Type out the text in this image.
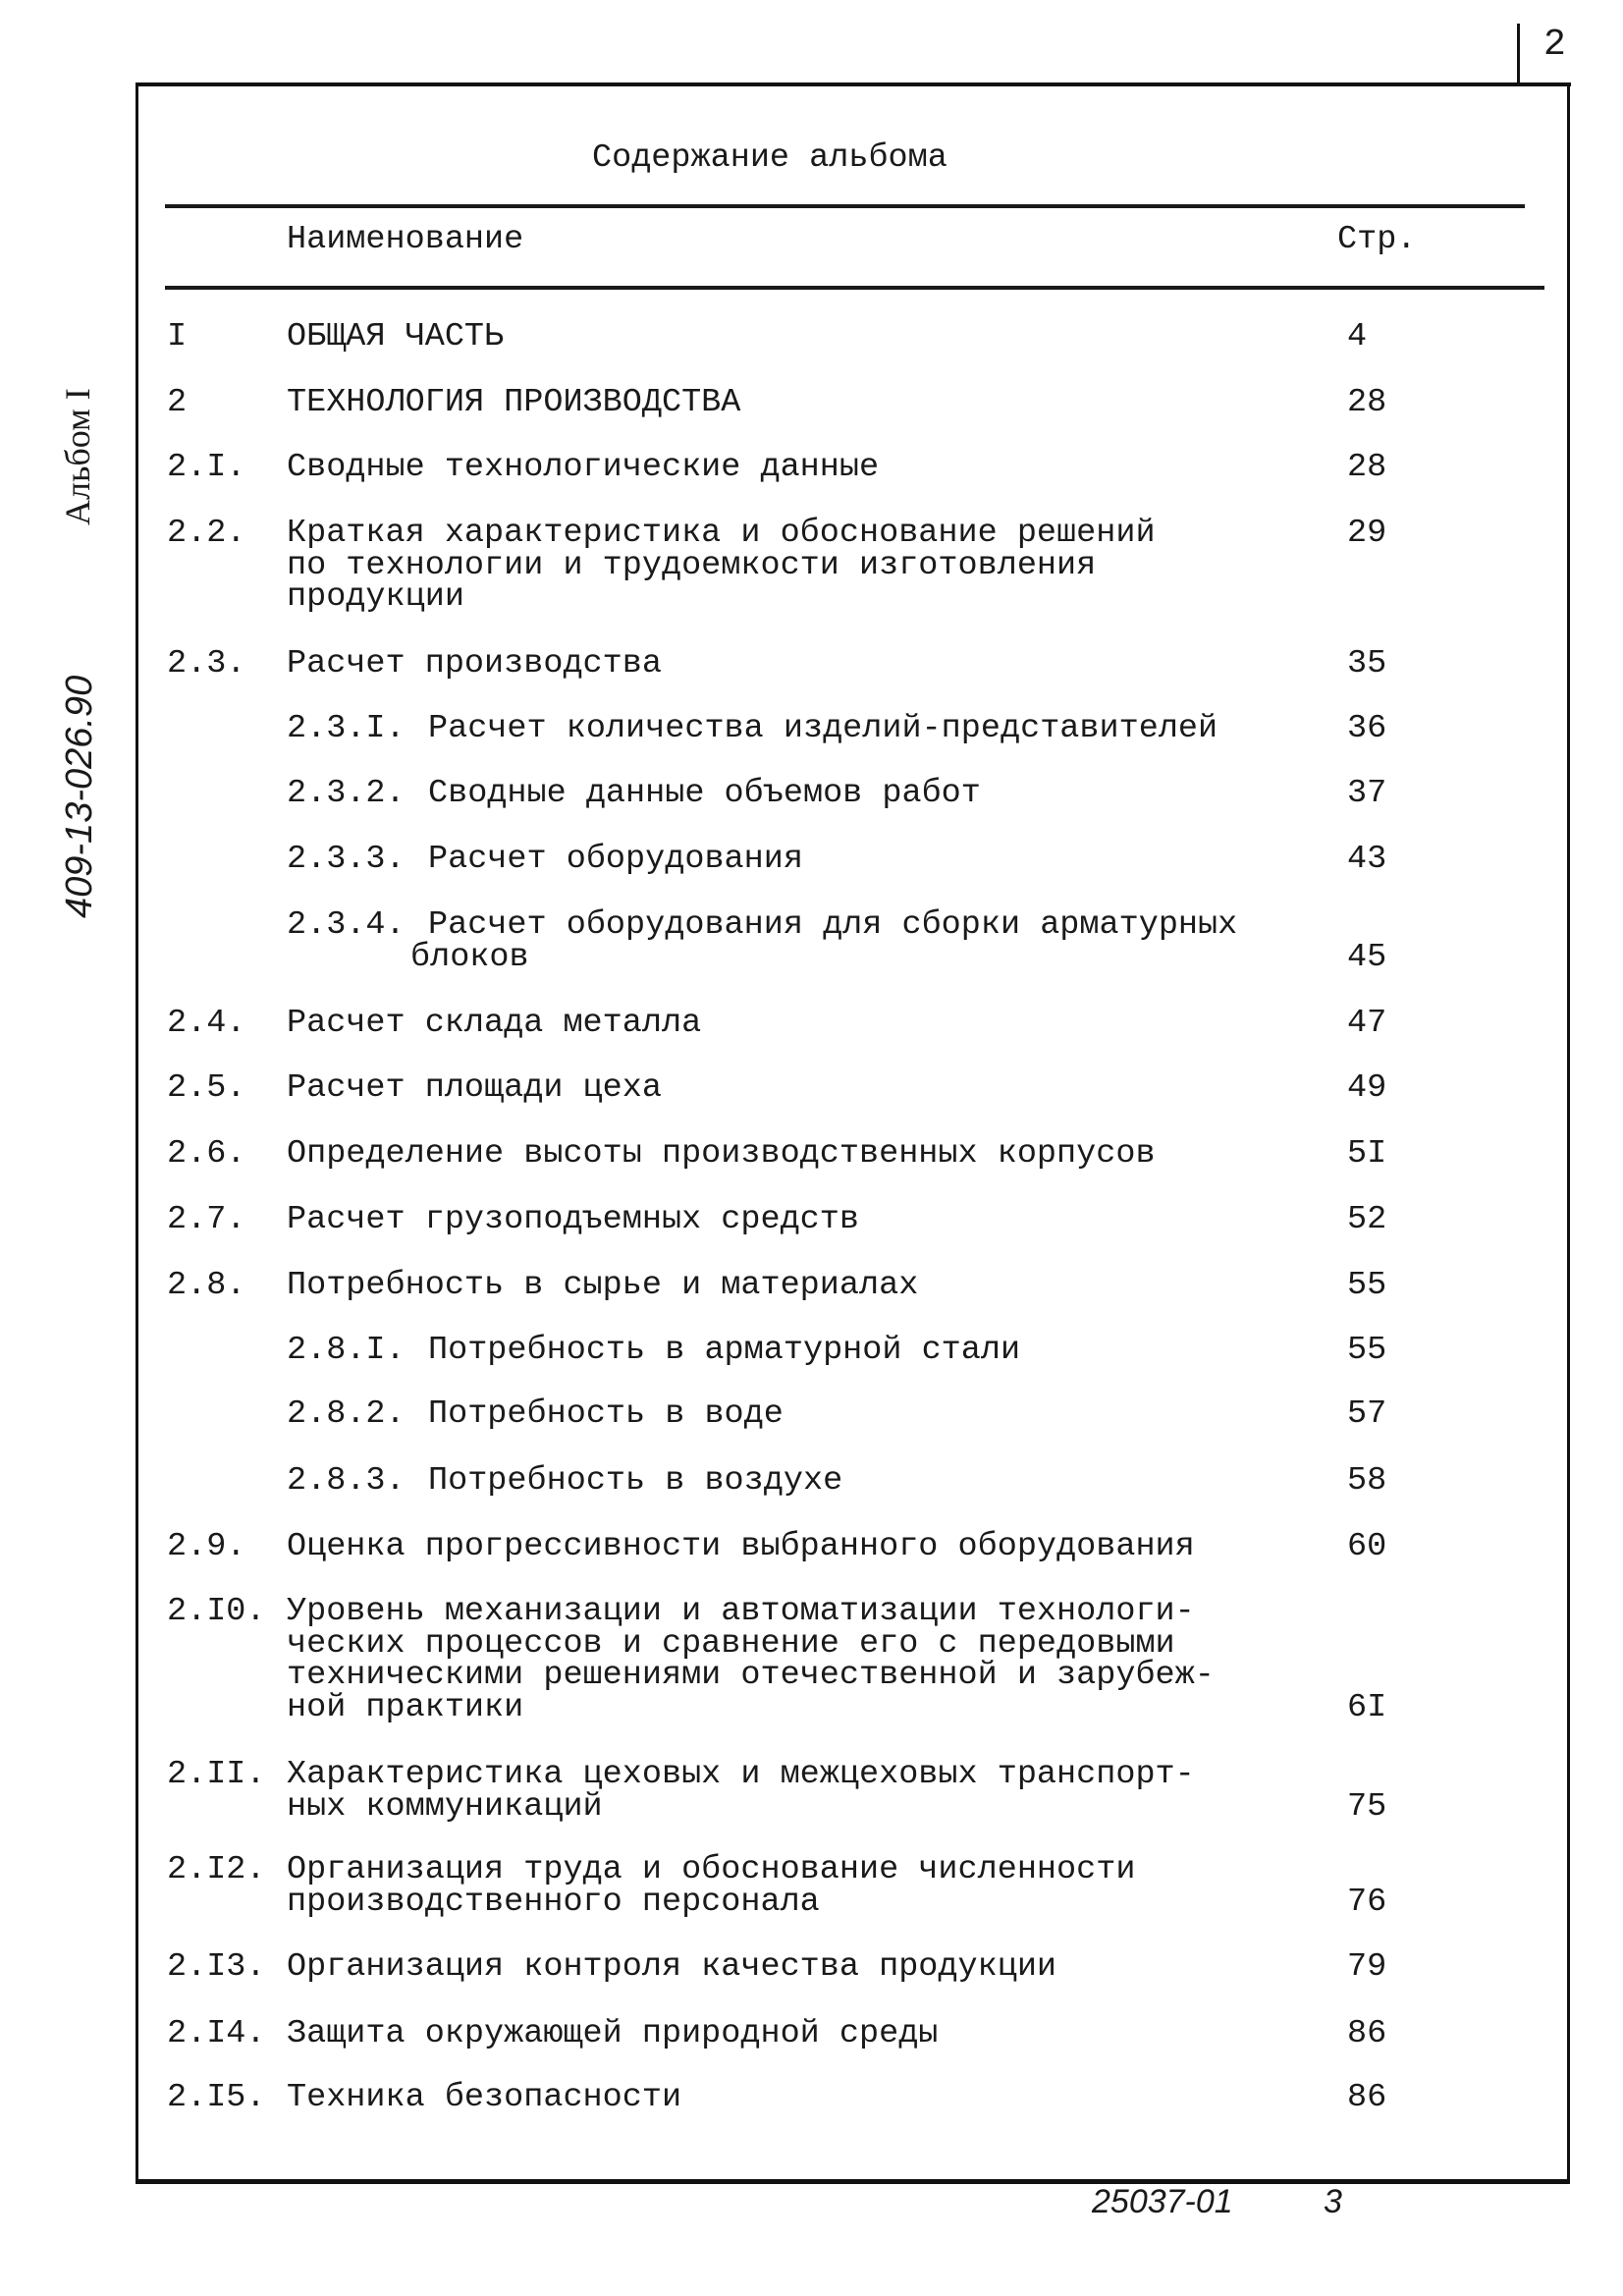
2
Альбом I
409-13-026.90
Содержание альбома
Наименование	Стр.
I	ОБЩАЯ ЧАСТЬ	4
2	ТЕХНОЛОГИЯ ПРОИЗВОДСТВА	28
2.I. Сводные технологические данные	28
2.2. Краткая характеристика и обоснование решений
по технологии и трудоемкости изготовления
продукции
29
2.3. Расчет производства	35
2.3.I. Расчет количества изделий-представителей	36
2.3.2. Сводные данные объемов работ	37
2.3.3. Расчет оборудования	43
2.3.4. Расчет оборудования для сборки арматурных
блоков	45
2.4. Расчет склада металла	47
2.5. Расчет площади цеха	49
2.6. Определение высоты производственных корпусов	5I
2.7. Расчет грузоподъемных средств	52
2.8. Потребность в сырье и материалах	55
2.8.I. Потребность в арматурной стали	55
2.8.2. Потребность в воде	57
2.8.3. Потребность в воздухе	58
2.9. Оценка прогрессивности выбранного оборудования	60
2.I0. Уровень механизации и автоматизации технологи-
ческих процессов и сравнение его с передовыми
техническими решениями отечественной и зарубеж-
ной практики	6I
2.II. Характеристика цеховых и межцеховых транспорт-
ных коммуникаций	75
2.I2. Организация труда и обоснование численности
производственного персонала	76
2.I3. Организация контроля качества продукции	79
2.I4. Защита окружающей природной среды	86
2.I5. Техника безопасности	86
25037-01	3
